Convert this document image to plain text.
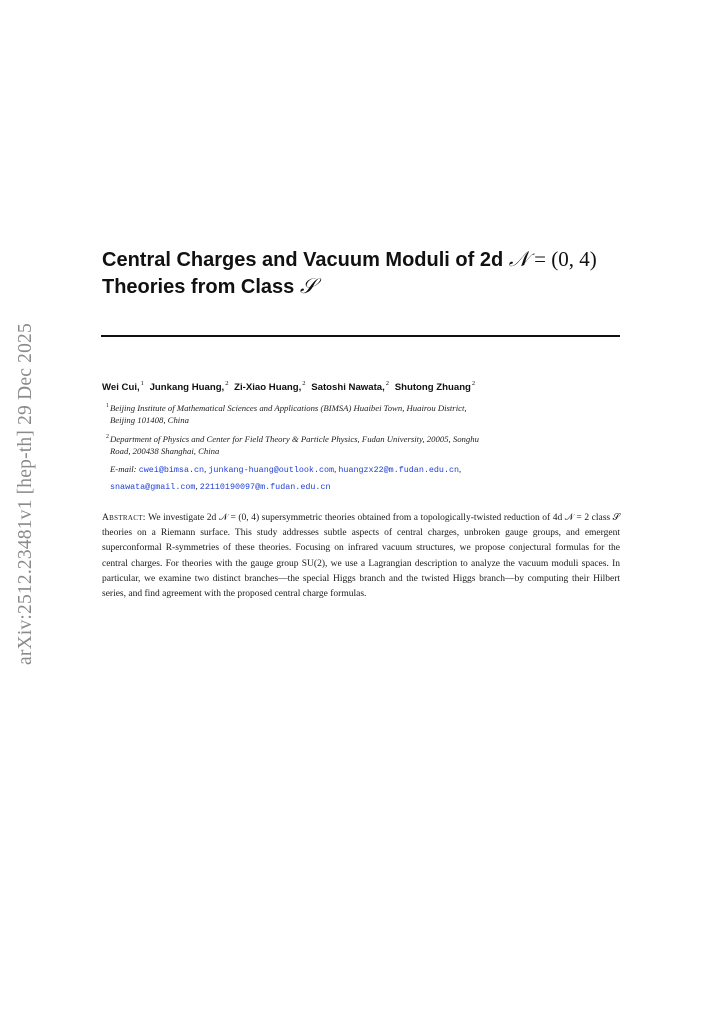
arXiv:2512.23481v1 [hep-th] 29 Dec 2025
Central Charges and Vacuum Moduli of 2d 𝒩 = (0, 4)
Theories from Class 𝒮
Wei Cui,$^1$ Junkang Huang,$^2$ Zi-Xiao Huang,$^2$ Satoshi Nawata,$^2$ Shutong Zhuang$^2$
$^1$Beijing Institute of Mathematical Sciences and Applications (BIMSA) Huaibei Town, Huairou District,
Beijing 101408, China
$^2$Department of Physics and Center for Field Theory & Particle Physics, Fudan University, 20005, Songhu
Road, 200438 Shanghai, China
E-mail: cwei@bimsa.cn, junkang-huang@outlook.com, huangzx22@m.fudan.edu.cn,
snawata@gmail.com, 22110190097@m.fudan.edu.cn
Abstract: We investigate 2d 𝒩 = (0, 4) supersymmetric theories obtained from a topologically-twisted reduction of 4d 𝒩 = 2 class 𝒮 theories on a Riemann surface. This study addresses subtle aspects of central charges, unbroken gauge groups, and emergent superconformal R-symmetries of these theories. Focusing on infrared vacuum structures, we propose conjectural formulas for the central charges. For theories with the gauge group SU(2), we use a Lagrangian description to analyze the vacuum moduli spaces. In particular, we examine two distinct branches—the special Higgs branch and the twisted Higgs branch—by computing their Hilbert series, and find agreement with the proposed central charge formulas.
